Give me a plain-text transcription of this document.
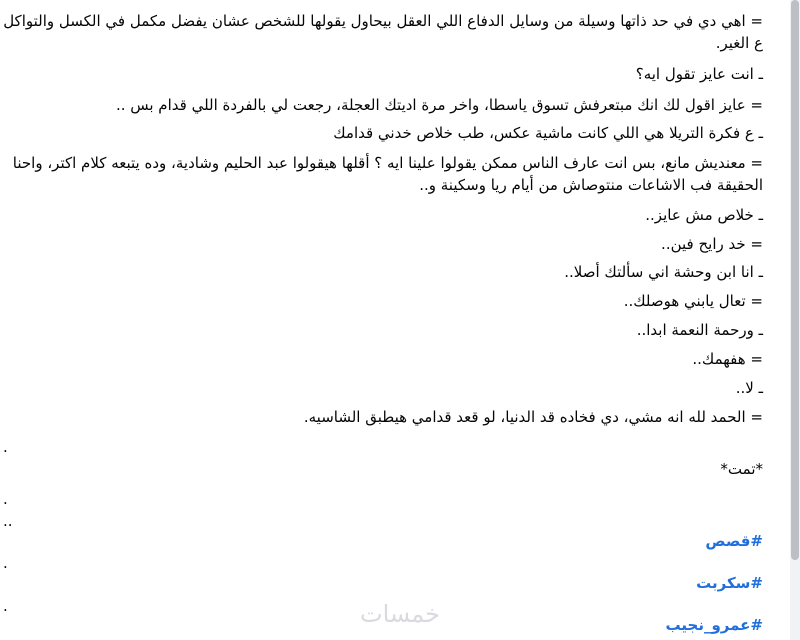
= اهي دي في حد ذاتها وسيلة من وسايل الدفاع اللي العقل بيحاول يقولها للشخص عشان يفضل مكمل في الكسل والتواكل ع الغير.
ـ انت عايز تقول ايه؟
= عايز اقول لك انك مبتعرفش تسوق ياسطا، واخر مرة اديتك العجلة، رجعت لي بالفردة اللي قدام بس ..
ـ ع فكرة التريلا هي اللي كانت ماشية عكس، طب خلاص خدني قدامك
= معنديش مانع، بس انت عارف الناس ممكن يقولوا علينا ايه ؟ أقلها هيقولوا عبد الحليم وشادية، وده يتبعه كلام اكتر، واحنا الحقيقة فب الاشاعات منتوصاش من أيام ريا وسكينة و..
ـ خلاص مش عايز..
= خد رايح فين..
ـ انا ابن وحشة اني سألتك أصلا..
= تعال يابني هوصلك..
ـ ورحمة النعمة ابدا..
= هفهمك..
ـ لا..
= الحمد لله انه مشي، دي فخاده قد الدنيا، لو قعد قدامي هيطبق الشاسيه.
.
*تمت*
.
..
#قصص
.
#سكربت
.
#عمرو_نجيب
خمسات
